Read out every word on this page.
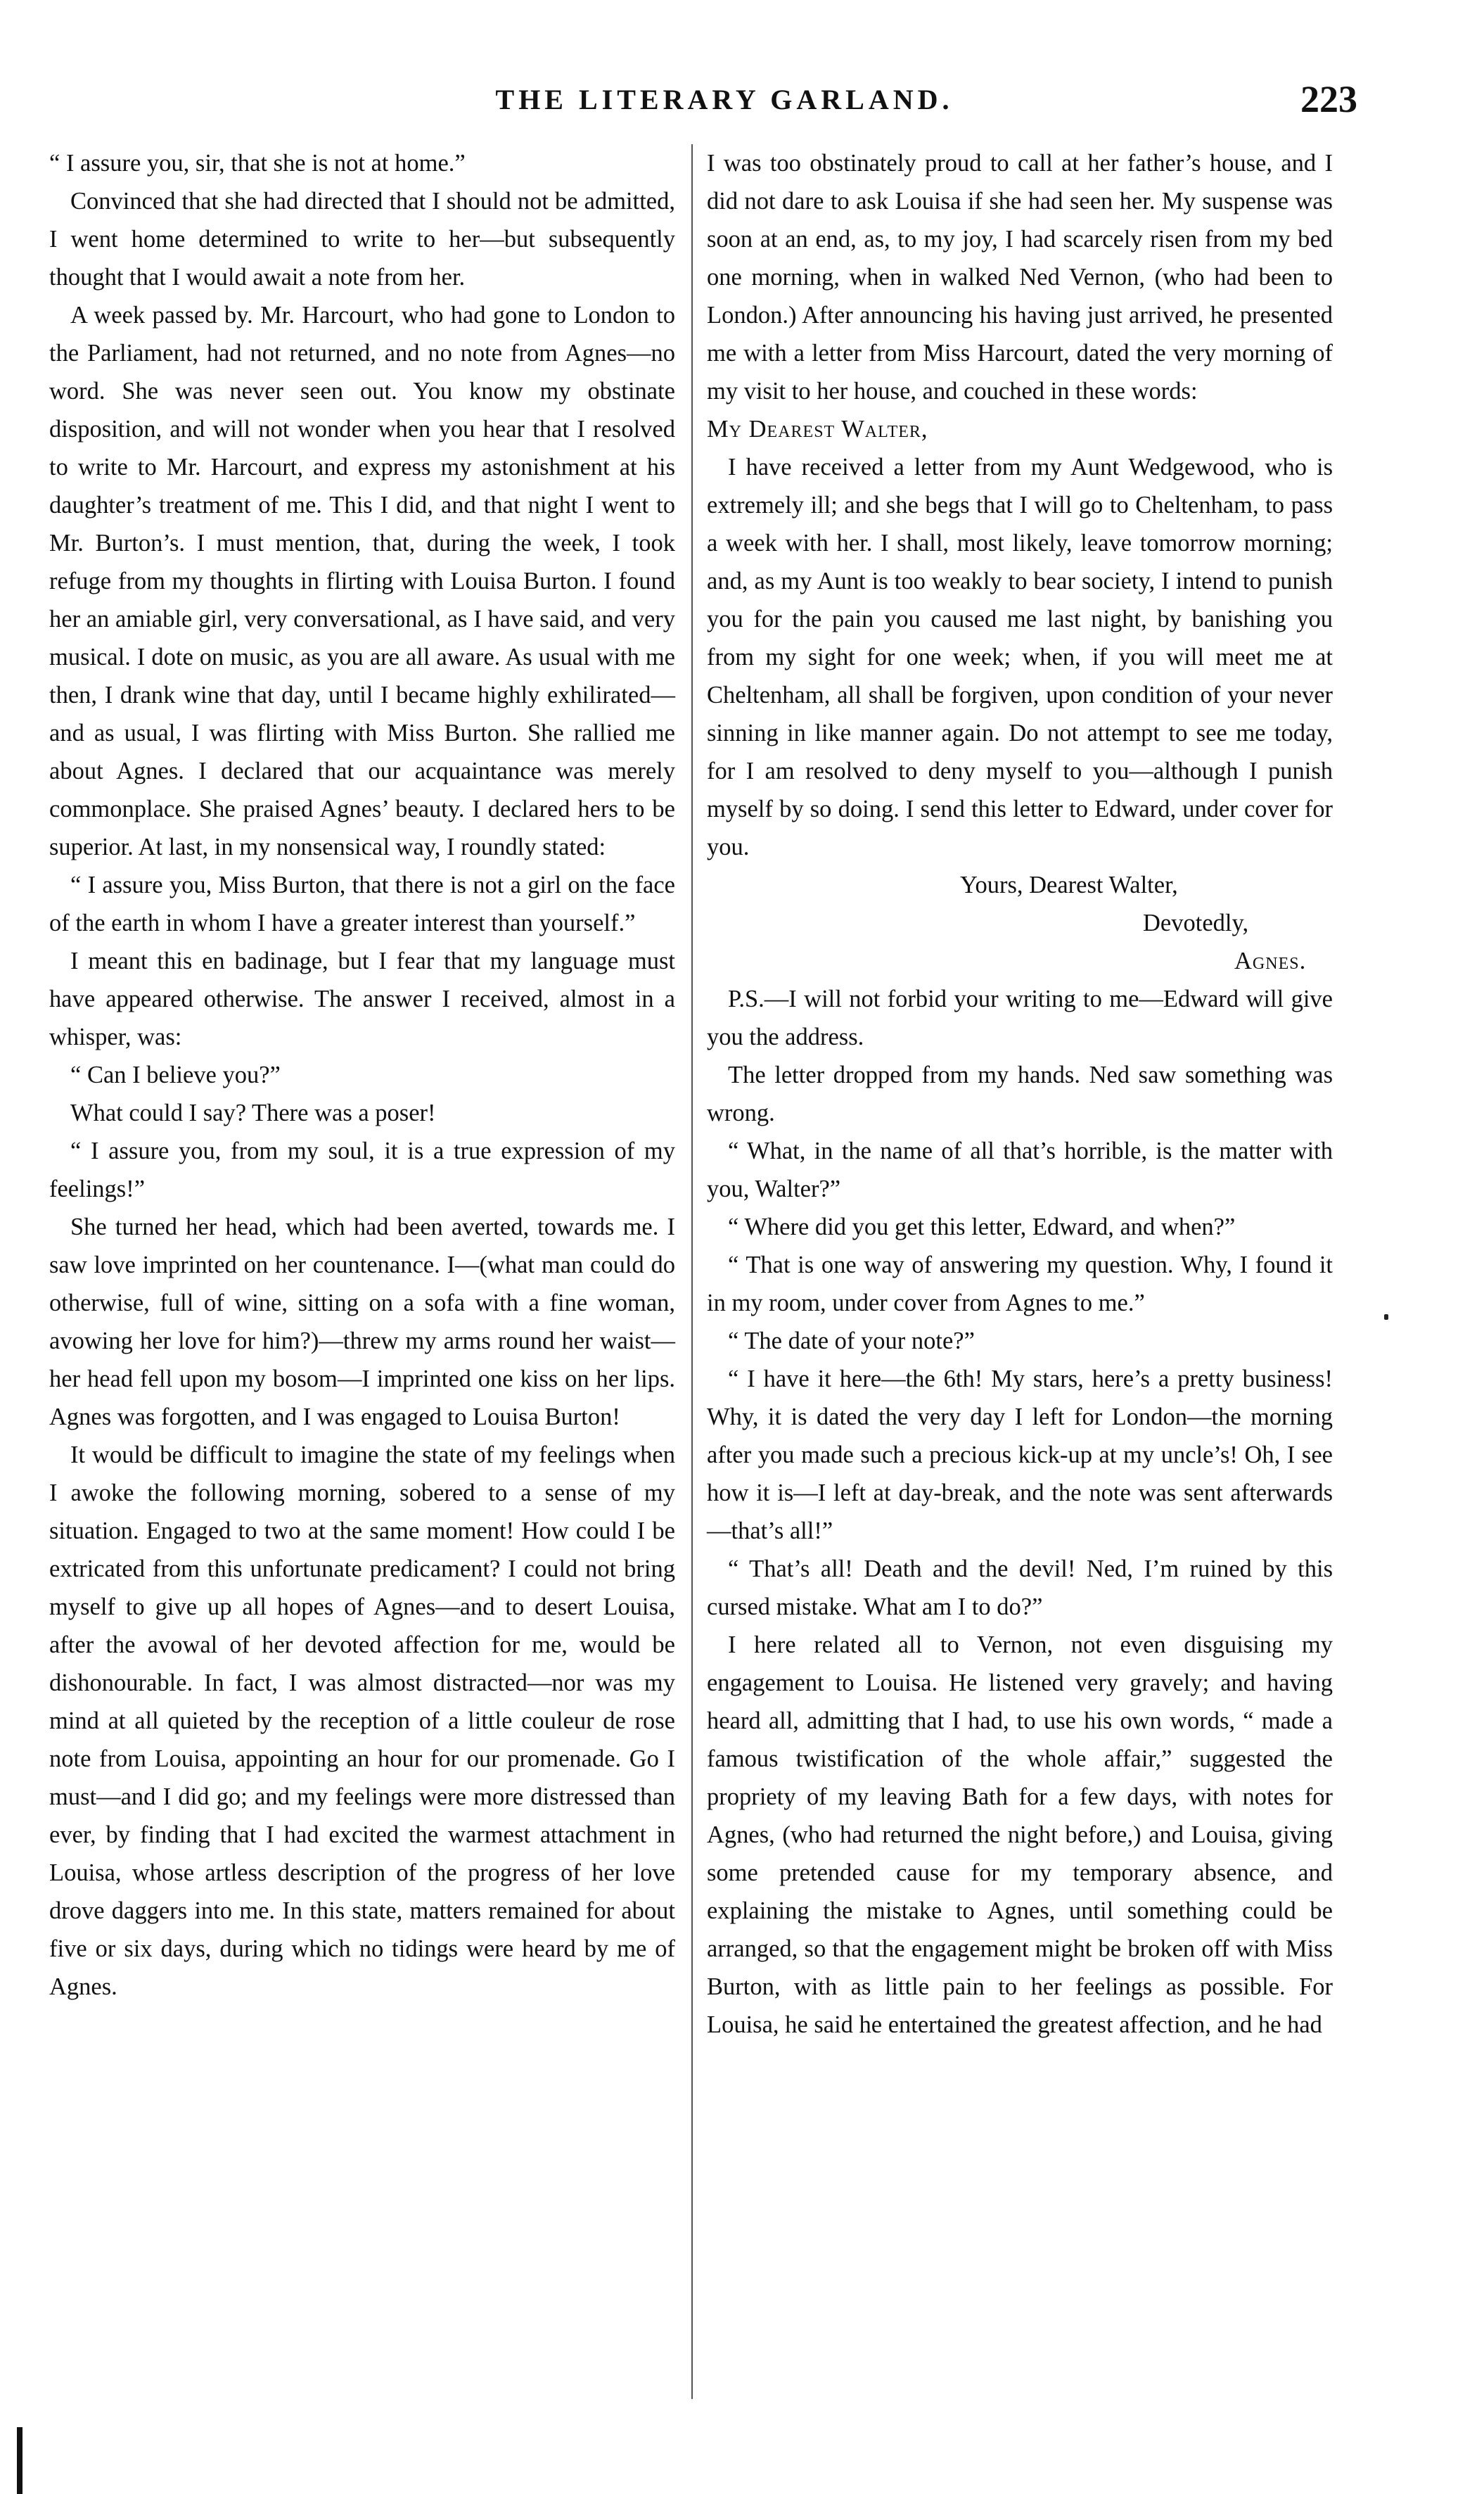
THE LITERARY GARLAND.	223

“ I assure you, sir, that she is not at home.”

Convinced that she had directed that I should not be admitted, I went home determined to write to her—but subsequently thought that I would await a note from her.

A week passed by. Mr. Harcourt, who had gone to London to the Parliament, had not returned, and no note from Agnes—no word. She was never seen out. You know my obstinate disposition, and will not wonder when you hear that I resolved to write to Mr. Harcourt, and express my astonishment at his daughter’s treatment of me. This I did, and that night I went to Mr. Burton’s. I must mention, that, during the week, I took refuge from my thoughts in flirting with Louisa Burton. I found her an amiable girl, very conversational, as I have said, and very musical. I dote on music, as you are all aware. As usual with me then, I drank wine that day, until I became highly exhilirated—and as usual, I was flirting with Miss Burton. She rallied me about Agnes. I declared that our acquaintance was merely commonplace. She praised Agnes’ beauty. I declared hers to be superior. At last, in my nonsensical way, I roundly stated:

“ I assure you, Miss Burton, that there is not a girl on the face of the earth in whom I have a greater interest than yourself.”

I meant this en badinage, but I fear that my language must have appeared otherwise. The answer I received, almost in a whisper, was:

“ Can I believe you?”

What could I say? There was a poser!

“ I assure you, from my soul, it is a true expression of my feelings!”

She turned her head, which had been averted, towards me. I saw love imprinted on her countenance. I—(what man could do otherwise, full of wine, sitting on a sofa with a fine woman, avowing her love for him?)—threw my arms round her waist—her head fell upon my bosom—I imprinted one kiss on her lips. Agnes was forgotten, and I was engaged to Louisa Burton!

It would be difficult to imagine the state of my feelings when I awoke the following morning, sobered to a sense of my situation. Engaged to two at the same moment! How could I be extricated from this unfortunate predicament? I could not bring myself to give up all hopes of Agnes—and to desert Louisa, after the avowal of her devoted affection for me, would be dishonourable. In fact, I was almost distracted—nor was my mind at all quieted by the reception of a little couleur de rose note from Louisa, appointing an hour for our promenade. Go I must—and I did go; and my feelings were more distressed than ever, by finding that I had excited the warmest attachment in Louisa, whose artless description of the progress of her love drove daggers into me. In this state, matters remained for about five or six days, during which no tidings were heard by me of Agnes.

I was too obstinately proud to call at her father’s house, and I did not dare to ask Louisa if she had seen her. My suspense was soon at an end, as, to my joy, I had scarcely risen from my bed one morning, when in walked Ned Vernon, (who had been to London.) After announcing his having just arrived, he presented me with a letter from Miss Harcourt, dated the very morning of my visit to her house, and couched in these words:

My Dearest Walter,

I have received a letter from my Aunt Wedgewood, who is extremely ill; and she begs that I will go to Cheltenham, to pass a week with her. I shall, most likely, leave tomorrow morning; and, as my Aunt is too weakly to bear society, I intend to punish you for the pain you caused me last night, by banishing you from my sight for one week; when, if you will meet me at Cheltenham, all shall be forgiven, upon condition of your never sinning in like manner again. Do not attempt to see me today, for I am resolved to deny myself to you—although I punish myself by so doing. I send this letter to Edward, under cover for you.

Yours, Dearest Walter,

Devotedly,

Agnes.

P.S.—I will not forbid your writing to me—Edward will give you the address.

The letter dropped from my hands. Ned saw something was wrong.

“ What, in the name of all that’s horrible, is the matter with you, Walter?”

“ Where did you get this letter, Edward, and when?”

“ That is one way of answering my question. Why, I found it in my room, under cover from Agnes to me.”

“ The date of your note?”

“ I have it here—the 6th! My stars, here’s a pretty business! Why, it is dated the very day I left for London—the morning after you made such a precious kick-up at my uncle’s! Oh, I see how it is—I left at day-break, and the note was sent afterwards—that’s all!”

“ That’s all! Death and the devil! Ned, I’m ruined by this cursed mistake. What am I to do?”

I here related all to Vernon, not even disguising my engagement to Louisa. He listened very gravely; and having heard all, admitting that I had, to use his own words, “ made a famous twistification of the whole affair,” suggested the propriety of my leaving Bath for a few days, with notes for Agnes, (who had returned the night before,) and Louisa, giving some pretended cause for my temporary absence, and explaining the mistake to Agnes, until something could be arranged, so that the engagement might be broken off with Miss Burton, with as little pain to her feelings as possible. For Louisa, he said he entertained the greatest affection, and he had
